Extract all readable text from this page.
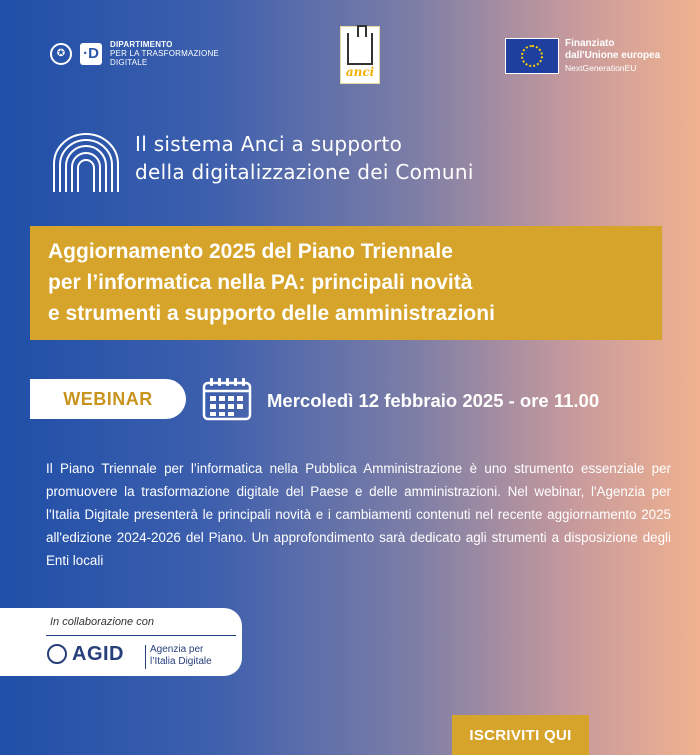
✪	·D
DIPARTIMENTO
PER LA TRASFORMAZIONE
DIGITALE
anci
Finanziato
dall'Unione europea
NextGenerationEU
Il sistema Anci a supporto
della digitalizzazione dei Comuni
Aggiornamento 2025 del Piano Triennale
per l’informatica nella PA: principali novità
e strumenti a supporto delle amministrazioni
WEBINAR	Mercoledì 12 febbraio 2025 - ore 11.00

Il Piano Triennale per l’informatica nella Pubblica Amministrazione è uno strumento essenziale per promuovere la trasformazione digitale del Paese e delle amministrazioni. Nel webinar, l'Agenzia per l'Italia Digitale presenterà le principali novità e i cambiamenti contenuti nel recente aggiornamento 2025 all'edizione 2024-2026 del Piano. Un approfondimento sarà dedicato agli strumenti a disposizione degli Enti locali

In collaborazione con
AGID	Agenzia per
l’Italia Digitale
ISCRIVITI QUI
